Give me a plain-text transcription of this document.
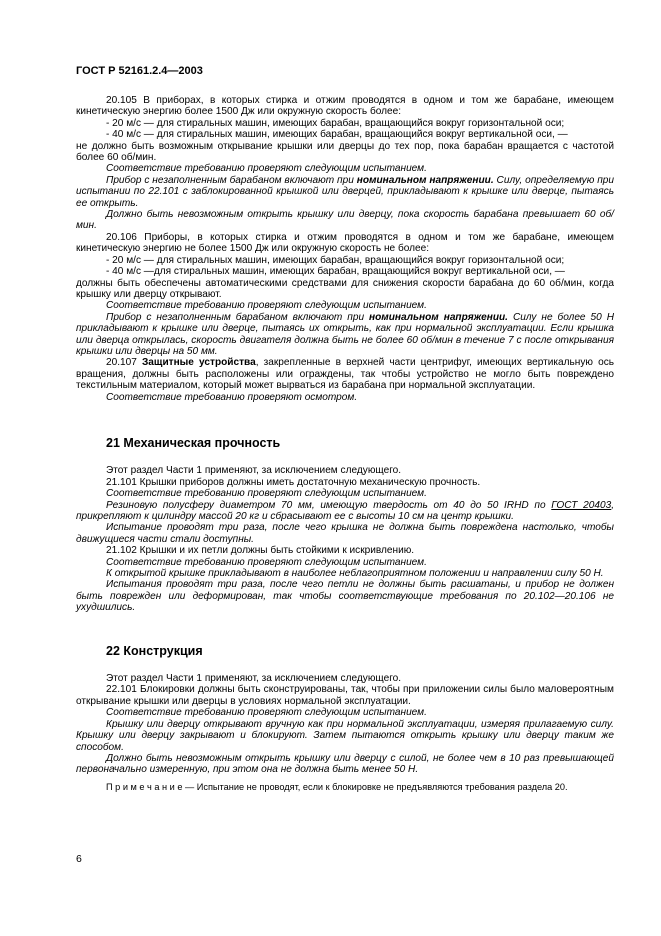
ГОСТ Р 52161.2.4—2003

20.105 В приборах, в которых стирка и отжим проводятся в одном и том же барабане, имеющем кинетическую энергию более 1500 Дж или окружную скорость более:

- 20 м/с — для стиральных машин, имеющих барабан, вращающийся вокруг горизонтальной оси;

- 40 м/с — для стиральных машин, имеющих барабан, вращающийся вокруг вертикальной оси, —

не должно быть возможным открывание крышки или дверцы до тех пор, пока барабан вращается с частотой более 60 об/мин.

Соответствие требованию проверяют следующим испытанием.

Прибор с незаполненным барабаном включают при номинальном напряжении. Силу, определяемую при испытании по 22.101 с заблокированной крышкой или дверцей, прикладывают к крышке или дверце, пытаясь ее открыть.

Должно быть невозможным открыть крышку или дверцу, пока скорость барабана превышает 60 об/мин.

20.106 Приборы, в которых стирка и отжим проводятся в одном и том же барабане, имеющем кинетическую энергию не более 1500 Дж или окружную скорость не более:

- 20 м/с — для стиральных машин, имеющих барабан, вращающийся вокруг горизонтальной оси;

- 40 м/с —для стиральных машин, имеющих барабан, вращающийся вокруг вертикальной оси, —

должны быть обеспечены автоматическими средствами для снижения скорости барабана до 60 об/мин, когда крышку или дверцу открывают.

Соответствие требованию проверяют следующим испытанием.

Прибор с незаполненным барабаном включают при номинальном напряжении. Силу не более 50 Н прикладывают к крышке или дверце, пытаясь их открыть, как при нормальной эксплуатации. Если крышка или дверца открылась, скорость двигателя должна быть не более 60 об/мин в течение 7 с после открывания крышки или дверцы на 50 мм.

20.107 Защитные устройства, закрепленные в верхней части центрифуг, имеющих вертикальную ось вращения, должны быть расположены или ограждены, так чтобы устройство не могло быть повреждено текстильным материалом, который может вырваться из барабана при нормальной эксплуатации.

Соответствие требованию проверяют осмотром.

21 Механическая прочность

Этот раздел Части 1 применяют, за исключением следующего.

21.101 Крышки приборов должны иметь достаточную механическую прочность.

Соответствие требованию проверяют следующим испытанием.

Резиновую полусферу диаметром 70 мм, имеющую твердость от 40 до 50 IRHD по ГОСТ 20403, прикрепляют к цилиндру массой 20 кг и сбрасывают ее с высоты 10 см на центр крышки.

Испытание проводят три раза, после чего крышка не должна быть повреждена настолько, чтобы движущиеся части стали доступны.

21.102 Крышки и их петли должны быть стойкими к искривлению.

Соответствие требованию проверяют следующим испытанием.

К открытой крышке прикладывают в наиболее неблагоприятном положении и направлении силу 50 Н.

Испытания проводят три раза, после чего петли не должны быть расшатаны, и прибор не должен быть поврежден или деформирован, так чтобы соответствующие требования по 20.102—20.106 не ухудшились.

22 Конструкция

Этот раздел Части 1 применяют, за исключением следующего.

22.101 Блокировки должны быть сконструированы, так, чтобы при приложении силы было маловероятным открывание крышки или дверцы в условиях нормальной эксплуатации.

Соответствие требованию проверяют следующим испытанием.

Крышку или дверцу открывают вручную как при нормальной эксплуатации, измеряя прилагаемую силу. Крышку или дверцу закрывают и блокируют. Затем пытаются открыть крышку или дверцу таким же способом.

Должно быть невозможным открыть крышку или дверцу с силой, не более чем в 10 раз превышающей первоначально измеренную, при этом она не должна быть менее 50 Н.

П р и м е ч а н и е — Испытание не проводят, если к блокировке не предъявляются требования раздела 20.

6
